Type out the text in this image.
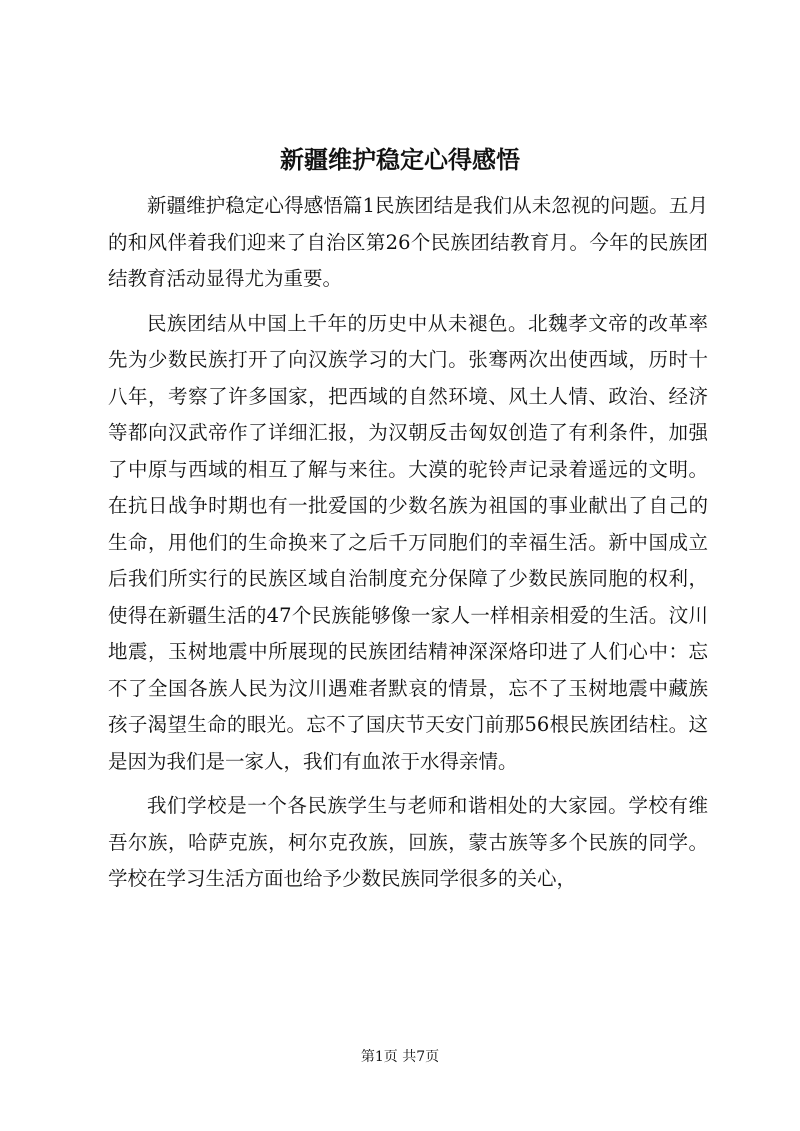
新疆维护稳定心得感悟

新疆维护稳定心得感悟篇1民族团结是我们从未忽视的问题。五月的和风伴着我们迎来了自治区第26个民族团结教育月。今年的民族团结教育活动显得尤为重要。

民族团结从中国上千年的历史中从未褪色。北魏孝文帝的改革率先为少数民族打开了向汉族学习的大门。张骞两次出使西域，历时十八年，考察了许多国家，把西域的自然环境、风土人情、政治、经济等都向汉武帝作了详细汇报，为汉朝反击匈奴创造了有利条件，加强了中原与西域的相互了解与来往。大漠的驼铃声记录着遥远的文明。在抗日战争时期也有一批爱国的少数名族为祖国的事业献出了自己的生命，用他们的生命换来了之后千万同胞们的幸福生活。新中国成立后我们所实行的民族区域自治制度充分保障了少数民族同胞的权利，使得在新疆生活的47个民族能够像一家人一样相亲相爱的生活。汶川地震，玉树地震中所展现的民族团结精神深深烙印进了人们心中：忘不了全国各族人民为汶川遇难者默哀的情景，忘不了玉树地震中藏族孩子渴望生命的眼光。忘不了国庆节天安门前那56根民族团结柱。这是因为我们是一家人，我们有血浓于水得亲情。

我们学校是一个各民族学生与老师和谐相处的大家园。学校有维吾尔族，哈萨克族，柯尔克孜族，回族，蒙古族等多个民族的同学。学校在学习生活方面也给予少数民族同学很多的关心，

第1页 共7页
